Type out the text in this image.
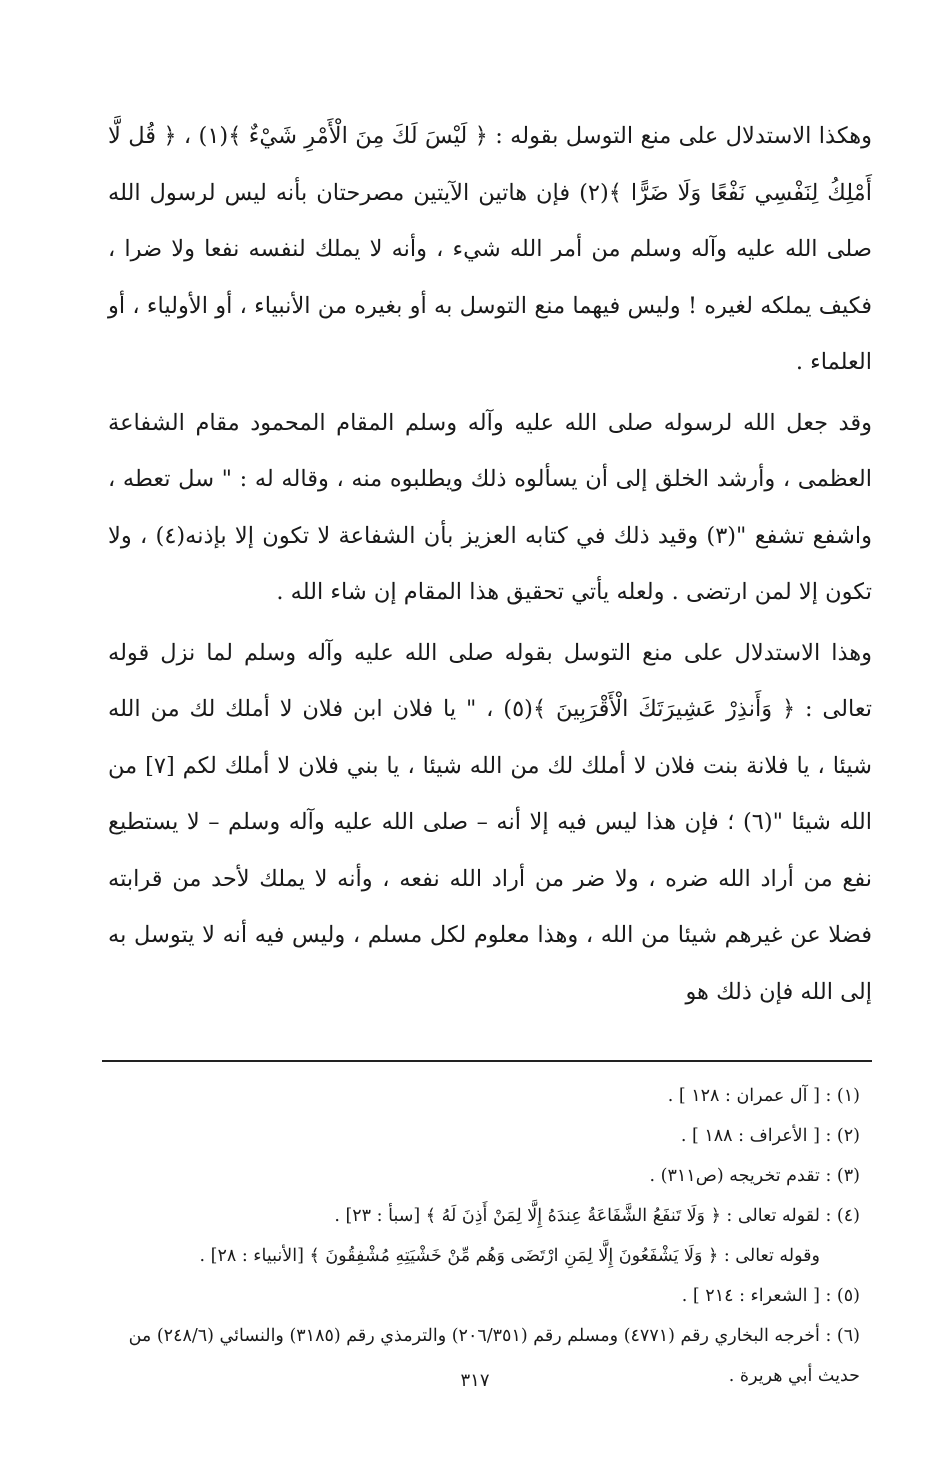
وهكذا الاستدلال على منع التوسل بقوله : ﴿ لَيْسَ لَكَ مِنَ الْأَمْرِ شَيْءٌ ﴾(١) ، ﴿ قُل لَّا أَمْلِكُ لِنَفْسِي نَفْعًا وَلَا ضَرًّا ﴾(٢) فإن هاتين الآيتين مصرحتان بأنه ليس لرسول الله صلى الله عليه وآله وسلم من أمر الله شيء ، وأنه لا يملك لنفسه نفعا ولا ضرا ، فكيف يملكه لغيره ! وليس فيهما منع التوسل به أو بغيره من الأنبياء ، أو الأولياء ، أو العلماء .

وقد جعل الله لرسوله صلى الله عليه وآله وسلم المقام المحمود مقام الشفاعة العظمى ، وأرشد الخلق إلى أن يسألوه ذلك ويطلبوه منه ، وقاله له : " سل تعطه ، واشفع تشفع "(٣) وقيد ذلك في كتابه العزيز بأن الشفاعة لا تكون إلا بإذنه(٤) ، ولا تكون إلا لمن ارتضى . ولعله يأتي تحقيق هذا المقام إن شاء الله .

وهذا الاستدلال على منع التوسل بقوله صلى الله عليه وآله وسلم لما نزل قوله تعالى : ﴿ وَأَنذِرْ عَشِيرَتَكَ الْأَقْرَبِينَ ﴾(٥) ، " يا فلان ابن فلان لا أملك لك من الله شيئا ، يا فلانة بنت فلان لا أملك لك من الله شيئا ، يا بني فلان لا أملك لكم [٧] من الله شيئا "(٦) ؛ فإن هذا ليس فيه إلا أنه – صلى الله عليه وآله وسلم – لا يستطيع نفع من أراد الله ضره ، ولا ضر من أراد الله نفعه ، وأنه لا يملك لأحد من قرابته فضلا عن غيرهم شيئا من الله ، وهذا معلوم لكل مسلم ، وليس فيه أنه لا يتوسل به إلى الله فإن ذلك هو

(١) : [ آل عمران : ١٢٨ ] .
(٢) : [ الأعراف : ١٨٨ ] .
(٣) : تقدم تخريجه (ص٣١١) .
(٤) : لقوله تعالى : ﴿ وَلَا تَنفَعُ الشَّفَاعَةُ عِندَهُ إِلَّا لِمَنْ أَذِنَ لَهُ ﴾ [سبأ : ٢٣] .
وقوله تعالى : ﴿ وَلَا يَشْفَعُونَ إِلَّا لِمَنِ ارْتَضَى وَهُم مِّنْ خَشْيَتِهِ مُشْفِقُونَ ﴾ [الأنبياء : ٢٨] .
(٥) : [ الشعراء : ٢١٤ ] .
(٦) : أخرجه البخاري رقم (٤٧٧١) ومسلم رقم (٢٠٦/٣٥١) والترمذي رقم (٣١٨٥) والنسائي (٢٤٨/٦) من حديث أبي هريرة .
٣١٧
